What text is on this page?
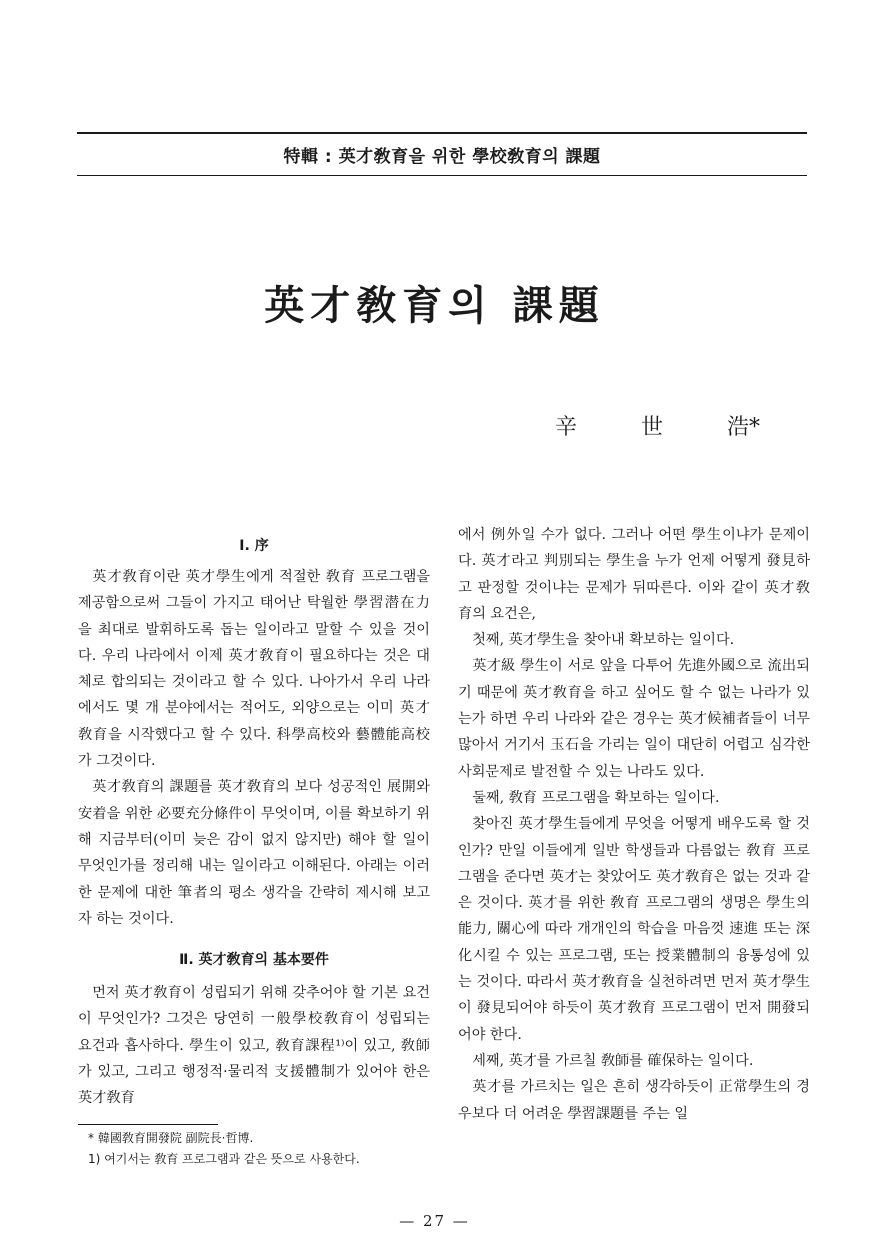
特輯 : 英才敎育을 위한 學校敎育의 課題
英才敎育의 課題
辛	世	浩*
Ⅰ. 序

英才敎育이란 英才學生에게 적절한 敎育 프로그램을 제공함으로써 그들이 가지고 태어난 탁월한 學習潜在力을 최대로 발휘하도록 돕는 일이라고 말할 수 있을 것이다. 우리 나라에서 이제 英才敎育이 필요하다는 것은 대체로 합의되는 것이라고 할 수 있다. 나아가서 우리 나라에서도 몇 개 분야에서는 적어도, 외양으로는 이미 英才敎育을 시작했다고 할 수 있다. 科學高校와 藝體能高校가 그것이다.

英才敎育의 課題를 英才敎育의 보다 성공적인 展開와 安着을 위한 必要充分條件이 무엇이며, 이를 확보하기 위해 지금부터(이미 늦은 감이 없지 않지만) 해야 할 일이 무엇인가를 정리해 내는 일이라고 이해된다. 아래는 이러한 문제에 대한 筆者의 평소 생각을 간략히 제시해 보고자 하는 것이다.

Ⅱ. 英才敎育의 基本要件

먼저 英才敎育이 성립되기 위해 갖추어야 할 기본 요건이 무엇인가? 그것은 당연히 一般學校敎育이 성립되는 요건과 흡사하다. 學生이 있고, 敎育課程¹⁾이 있고, 敎師가 있고, 그리고 행정적·물리적 支援體制가 있어야 한은 英才敎育

에서 例外일 수가 없다. 그러나 어떤 學生이냐가 문제이다. 英才라고 判別되는 學生을 누가 언제 어떻게 發見하고 판정할 것이냐는 문제가 뒤따른다. 이와 같이 英才敎育의 요건은,

첫째, 英才學生을 찾아내 확보하는 일이다.

英才級 學生이 서로 앞을 다투어 先進外國으로 流出되기 때문에 英才敎育을 하고 싶어도 할 수 없는 나라가 있는가 하면 우리 나라와 같은 경우는 英才候補者들이 너무 많아서 거기서 玉石을 가리는 일이 대단히 어렵고 심각한 사회문제로 발전할 수 있는 나라도 있다.

둘째, 敎育 프로그램을 확보하는 일이다.

찾아진 英才學生들에게 무엇을 어떻게 배우도록 할 것인가? 만일 이들에게 일반 학생들과 다름없는 敎育 프로그램을 준다면 英才는 찾았어도 英才敎育은 없는 것과 같은 것이다. 英才를 위한 敎育 프로그램의 생명은 學生의 能力, 關心에 따라 개개인의 학습을 마음껏 速進 또는 深化시킬 수 있는 프로그램, 또는 授業體制의 융통성에 있는 것이다. 따라서 英才敎育을 실천하려면 먼저 英才學生이 發見되어야 하듯이 英才敎育 프로그램이 먼저 開發되어야 한다.

세째, 英才를 가르칠 敎師를 確保하는 일이다.

英才를 가르치는 일은 흔히 생각하듯이 正常學生의 경우보다 더 어려운 學習課題를 주는 일

* 韓國敎育開發院 副院長·哲博.
1) 여기서는 敎育 프로그램과 같은 뜻으로 사용한다.
— 27 —
